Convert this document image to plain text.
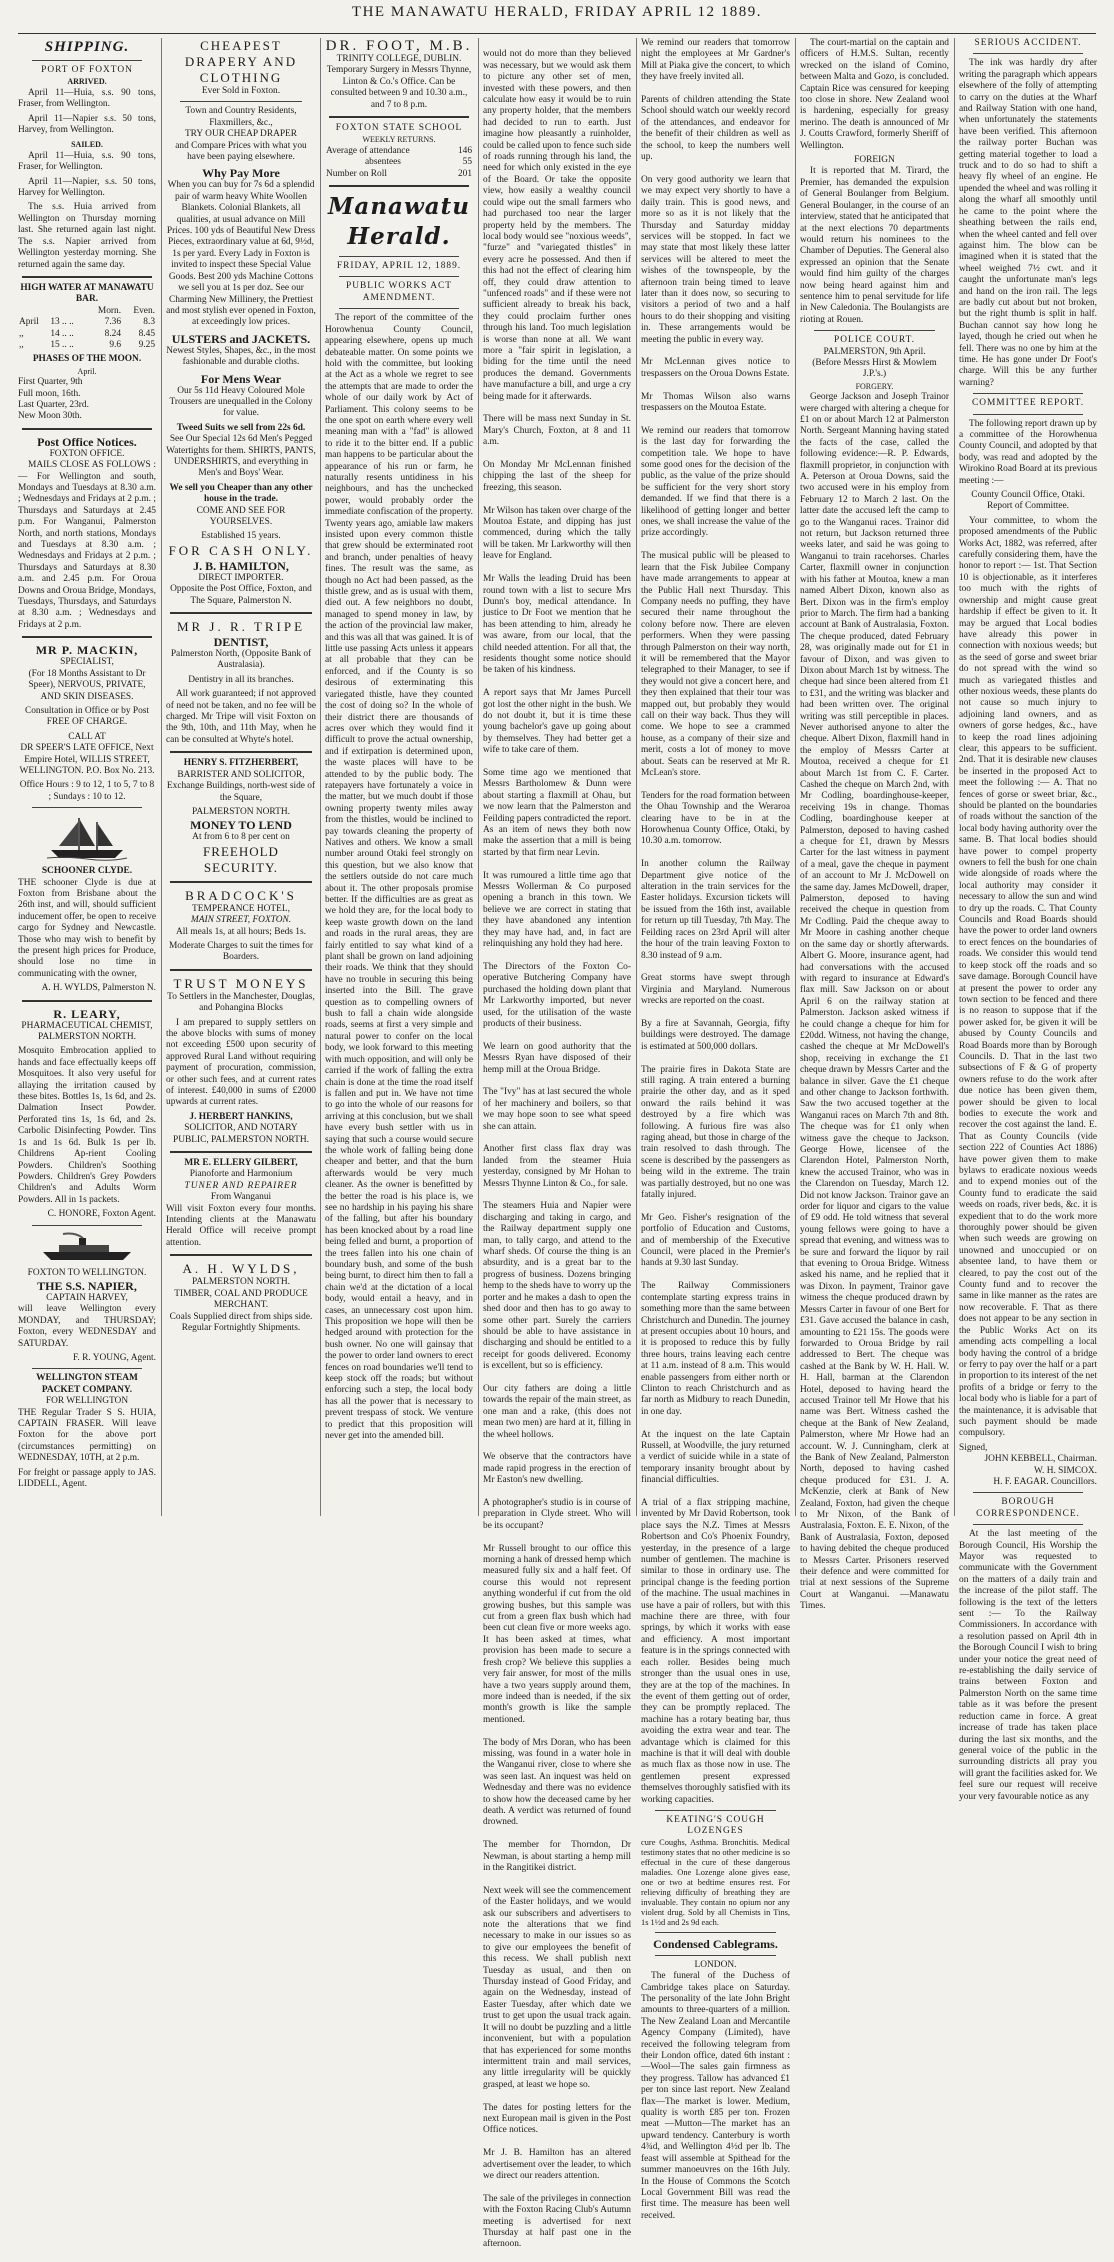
THE MANAWATU HERALD, FRIDAY APRIL 12 1889.
SHIPPING.
PORT OF FOXTON
ARRIVED.
April 11—Huia, s.s. 90 tons, Fraser, from Wellington.
April 11—Napier s.s. 50 tons, Harvey, from Wellington.
SAILED.
April 11—Huia, s.s. 90 tons, Fraser, for Wellington.
April 11—Napier, s.s. 50 tons, Harvey for Wellington.
The s.s. Huia arrived from Wellington on Thursday morning last. She returned again last night. The s.s. Napier arrived from Wellington yesterday morning. She returned again the same day.
HIGH WATER AT MANAWATU BAR.
		Morn.	Even.
April	13 .. ..	7.36	8.3
,,	14 .. ..	8.24	8.45
,,	15 .. ..	9.6	9.25
PHASES OF THE MOON.
April.
First Quarter, 9th
Full moon, 16th.
Last Quarter, 23rd.
New Moon 30th.
Post Office Notices.
FOXTON OFFICE.
MAILS CLOSE AS FOLLOWS :— For Wellington and south, Mondays and Tuesdays at 8.30 a.m. ; Wednesdays and Fridays at 2 p.m. ; Thursdays and Saturdays at 2.45 p.m. For Wanganui, Palmerston North, and north stations, Mondays and Tuesdays at 8.30 a.m. ; Wednesdays and Fridays at 2 p.m. ; Thursdays and Saturdays at 8.30 a.m. and 2.45 p.m. For Oroua Downs and Oroua Bridge, Mondays, Tuesdays, Thursdays, and Saturdays at 8.30 a.m. ; Wednesdays and Fridays at 2 p.m.
MR P. MACKIN,
SPECIALIST,
(For 18 Months Assistant to Dr Speer), NERVOUS, PRIVATE, AND SKIN DISEASES.
Consultation in Office or by Post FREE OF CHARGE.
CALL AT
DR SPEER'S LATE OFFICE, Next Empire Hotel, WILLIS STREET, WELLINGTON. P.O. Box No. 213.
Office Hours : 9 to 12, 1 to 5, 7 to 8 ; Sundays : 10 to 12.
SCHOONER CLYDE.
THE schooner Clyde is due at Foxton from Brisbane about the 26th inst, and will, should sufficient inducement offer, be open to receive cargo for Sydney and Newcastle. Those who may wish to benefit by the present high prices for Produce, should lose no time in communicating with the owner,
A. H. WYLDS, Palmerston N.
R. LEARY,
PHARMACEUTICAL CHEMIST, PALMERSTON NORTH.
Mosquito Embrocation applied to hands and face effectually keeps off Mosquitoes. It also very useful for allaying the irritation caused by these bites. Bottles 1s, 1s 6d, and 2s. Dalmation Insect Powder. Perforated tins 1s, 1s 6d, and 2s. Carbolic Disinfecting Powder. Tins 1s and 1s 6d. Bulk 1s per lb. Childrens Ap-rient Cooling Powders. Children's Soothing Powders. Children's Grey Powders Children's and Adults Worm Powders. All in 1s packets.
C. HONORE, Foxton Agent.
FOXTON TO WELLINGTON.
THE S.S. NAPIER,
CAPTAIN HARVEY,
will leave Wellington every MONDAY, and THURSDAY; Foxton, every WEDNESDAY and SATURDAY.
F. R. YOUNG, Agent.
WELLINGTON STEAM PACKET COMPANY.
FOR WELLINGTON
THE Regular Trader S S. HUIA, CAPTAIN FRASER. Will leave Foxton for the above port (circumstances permitting) on WEDNESDAY, 10TH, at 2 p.m.
For freight or passage apply to JAS. LIDDELL, Agent.
CHEAPEST DRAPERY AND CLOTHING
Ever Sold in Foxton.
Town and Country Residents, Flaxmillers, &c.,
TRY OUR CHEAP DRAPER
and Compare Prices with what you have been paying elsewhere.
Why Pay More
When you can buy for 7s 6d a splendid pair of warm heavy White Woollen Blankets. Colonial Blankets, all qualities, at usual advance on Mill Prices. 100 yds of Beautiful New Dress Pieces, extraordinary value at 6d, 9½d, 1s per yard. Every Lady in Foxton is invited to inspect these Special Value Goods. Best 200 yds Machine Cottons we sell you at 1s per doz. See our Charming New Millinery, the Prettiest and most stylish ever opened in Foxton, at exceedingly low prices.
ULSTERS and JACKETS.
Newest Styles, Shapes, &c., in the most fashionable and durable cloths.
For Mens Wear
Our 5s 11d Heavy Coloured Mole Trousers are unequalled in the Colony for value.
Tweed Suits we sell from 22s 6d.
See Our Special 12s 6d Men's Pegged Watertights for them. SHIRTS, PANTS, UNDERSHIRTS, and everything in Men's and Boys' Wear.
We sell you Cheaper than any other house in the trade.
COME AND SEE FOR YOURSELVES.
Established 15 years.
FOR CASH ONLY.
J. B. HAMILTON,
DIRECT IMPORTER.
Opposite the Post Office, Foxton, and The Square, Palmerston N.
MR J. R. TRIPE
DENTIST,
Palmerston North, (Opposite Bank of Australasia).
Dentistry in all its branches.
All work guaranteed; if not approved of need not be taken, and no fee will be charged. Mr Tripe will visit Foxton on the 9th, 10th, and 11th May, when he can be consulted at Whyte's hotel.
HENRY S. FITZHERBERT,
BARRISTER AND SOLICITOR,
Exchange Buildings, north-west side of the Square,
PALMERSTON NORTH.
MONEY TO LEND
At from 6 to 8 per cent on
FREEHOLD SECURITY.
BRADCOCK'S
TEMPERANCE HOTEL,
MAIN STREET, FOXTON.
All meals 1s, at all hours; Beds 1s.
Moderate Charges to suit the times for Boarders.
TRUST MONEYS
To Settlers in the Manchester, Douglas, and Pohangina Blocks
I am prepared to supply settlers on the above blocks with sums of money not exceeding £500 upon security of approved Rural Land without requiring payment of procuration, commission, or other such fees, and at current rates of interest. £40,000 in sums of £2000 upwards at current rates.
J. HERBERT HANKINS,
SOLICITOR, AND NOTARY PUBLIC, PALMERSTON NORTH.
MR E. ELLERY GILBERT,
Pianoforte and Harmonium
TUNER AND REPAIRER
From Wanganui
Will visit Foxton every four months. Intending clients at the Manawatu Herald Office will receive prompt attention.
A. H. WYLDS,
PALMERSTON NORTH.
TIMBER, COAL AND PRODUCE MERCHANT.
Coals Supplied direct from ships side. Regular Fortnightly Shipments.
DR. FOOT, M.B.
TRINITY COLLEGE, DUBLIN.
Temporary Surgery in Messrs Thynne, Linton & Co.'s Office. Can be consulted between 9 and 10.30 a.m., and 7 to 8 p.m.
FOXTON STATE SCHOOL
WEEKLY RETURNS.
Average of attendance	146
absentees	55
Number on Roll	201
Manawatu Herald.
FRIDAY, APRIL 12, 1889.
PUBLIC WORKS ACT AMENDMENT.
The report of the committee of the Horowhenua County Council, appearing elsewhere, opens up much debateable matter. On some points we hold with the committee, but looking at the Act as a whole we regret to see the attempts that are made to order the whole of our daily work by Act of Parliament. This colony seems to be the one spot on earth where every well meaning man with a "fad" is allowed to ride it to the bitter end. If a public man happens to be particular about the appearance of his run or farm, he naturally resents untidiness in his neighbours, and has the unchecked power, would probably order the immediate confiscation of the property. Twenty years ago, amiable law makers insisted upon every common thistle that grew should be exterminated root and branch, under penalties of heavy fines. The result was the same, as though no Act had been passed, as the thistle grew, and as is usual with them, died out. A few neighbors no doubt, managed to spend money in law, by the action of the provincial law maker, and this was all that was gained. It is of little use passing Acts unless it appears at all probable that they can be enforced, and if the County is so desirous of exterminating this variegated thistle, have they counted the cost of doing so? In the whole of their district there are thousands of acres over which they would find it difficult to prove the actual ownership, and if extirpation is determined upon, the waste places will have to be attended to by the public body. The ratepayers have fortunately a voice in the matter, but we much doubt if those owning property twenty miles away from the thistles, would be inclined to pay towards cleaning the property of Natives and others. We know a small number around Otaki feel strongly on this question, but we also know that the settlers outside do not care much about it. The other proposals promise better. If the difficulties are as great as we hold they are, for the local body to keep waste growth down on the land and roads in the rural areas, they are fairly entitled to say what kind of a plant shall be grown on land adjoining their roads. We think that they should have no trouble in securing this being inserted into the Bill. The grave question as to compelling owners of bush to fall a chain wide alongside roads, seems at first a very simple and natural power to confer on the local body, we look forward to this meeting with much opposition, and will only be carried if the work of falling the extra chain is done at the time the road itself is fallen and put in. We have not time to go into the whole of our reasons for arriving at this conclusion, but we shall have every bush settler with us in saying that such a course would secure the whole work of falling being done cheaper and better, and that the burn afterwards would be very much cleaner. As the owner is benefitted by the better the road is his place is, we see no hardship in his paying his share of the falling, but after his boundary has been knocked about by a road line being felled and burnt, a proportion of the trees fallen into his one chain of boundary bush, and some of the bush being burnt, to direct him then to fall a chain we'd at the dictation of a local body, would entail a heavy, and in cases, an unnecessary cost upon him. This proposition we hope will then be hedged around with protection for the bush owner. No one will gainsay that the power to order land owners to erect fences on road boundaries we'll tend to keep stock off the roads; but without enforcing such a step, the local body has all the power that is necessary to prevent trespass of stock. We venture to predict that this proposition will never get into the amended bill.

would not do more than they believed was necessary, but we would ask them to picture any other set of men, invested with these powers, and then calculate how easy it would be to ruin any property holder, that the members had decided to run to earth. Just imagine how pleasantly a ruinholder, could be called upon to fence such side of roads running through his land, the need for which only existed in the eye of the Board. Or take the opposite view, how easily a wealthy council could wipe out the small farmers who had purchased too near the larger property held by the members. The local body would see "noxious weeds", "furze" and "variegated thistles" in every acre he possessed. And then if this had not the effect of clearing him off, they could draw attention to "unfenced roads" and if these were not sufficient already to break his back, they could proclaim further ones through his land. Too much legislation is worse than none at all. We want more a "fair spirit in legislation, a biding for the time until the need produces the demand. Governments have manufacture a bill, and urge a cry being made for it afterwards.

There will be mass next Sunday in St. Mary's Church, Foxton, at 8 and 11 a.m.

On Monday Mr McLennan finished chipping the last of the sheep for freezing, this season.

Mr Wilson has taken over charge of the Moutoa Estate, and dipping has just commenced, during which the tally will be taken. Mr Larkworthy will then leave for England.

Mr Walls the leading Druid has been round town with a list to secure Mrs Dunn's boy, medical attendance. In justice to Dr Foot we mention that he has been attending to him, already he was aware, from our local, that the child needed attention. For all that, the residents thought some notice should be taken of his kindness.

A report says that Mr James Purcell got lost the other night in the bush. We do not doubt it, but it is time these young bachelor's gave up going about by themselves. They had better get a wife to take care of them.

Some time ago we mentioned that Messrs Bartholomew & Dunn were about starting a flaxmill at Ohau, but we now learn that the Palmerston and Feilding papers contradicted the report. As an item of news they both now make the assertion that a mill is being started by that firm near Levin.

It was rumoured a little time ago that Messrs Wollerman & Co purposed opening a branch in this town. We believe we are correct in stating that they have abandoned any intention they may have had, and, in fact are relinquishing any hold they had here.

The Directors of the Foxton Co-operative Butchering Company have purchased the holding down plant that Mr Larkworthy imported, but never used, for the utilisation of the waste products of their business.

We learn on good authority that the Messrs Ryan have disposed of their hemp mill at the Oroua Bridge.

The "Ivy" has at last secured the whole of her machinery and boilers, so that we may hope soon to see what speed she can attain.

Another first class flax dray was landed from the steamer Huia yesterday, consigned by Mr Hohan to Messrs Thynne Linton & Co., for sale.

The steamers Huia and Napier were discharging and taking in cargo, and the Railway department supply one man, to tally cargo, and attend to the wharf sheds. Of course the thing is an absurdity, and is a great bar to the progress of business. Dozens bringing hemp to the sheds have to worry up the porter and he makes a dash to open the shed door and then has to go away to some other part. Surely the carriers should be able to have assistance in discharging and should be entitled to a receipt for goods delivered. Economy is excellent, but so is efficiency.

Our city fathers are doing a little towards the repair of the main street, as one man and a rake, (this does not mean two men) are hard at it, filling in the wheel hollows.

We observe that the contractors have made rapid progress in the erection of Mr Easton's new dwelling.

A photographer's studio is in course of preparation in Clyde street. Who will be its occupant?

Mr Russell brought to our office this morning a hank of dressed hemp which measured fully six and a half feet. Of course this would not represent anything wonderful if cut from the old growing bushes, but this sample was cut from a green flax bush which had been cut clean five or more weeks ago. It has been asked at times, what provision has been made to secure a fresh crop? We believe this supplies a very fair answer, for most of the mills have a two years supply around them, more indeed than is needed, if the six month's growth is like the sample mentioned.

The body of Mrs Doran, who has been missing, was found in a water hole in the Wanganui river, close to where she was seen last. An inquest was held on Wednesday and there was no evidence to show how the deceased came by her death. A verdict was returned of found drowned.

The member for Thorndon, Dr Newman, is about starting a hemp mill in the Rangitikei district.

Next week will see the commencement of the Easter holidays, and we would ask our subscribers and advertisers to note the alterations that we find necessary to make in our issues so as to give our employees the benefit of this recess. We shall publish next Tuesday as usual, and then on Thursday instead of Good Friday, and again on the Wednesday, instead of Easter Tuesday, after which date we trust to get upon the usual track again. It will no doubt be puzzling and a little inconvenient, but with a population that has experienced for some months intermittent train and mail services, any little irregularity will be quickly grasped, at least we hope so.

The dates for posting letters for the next European mail is given in the Post Office notices.

Mr J. B. Hamilton has an altered advertisement over the leader, to which we direct our readers attention.

The sale of the privileges in connection with the Foxton Racing Club's Autumn meeting is advertised for next Thursday at half past one in the afternoon.

We remind our readers that tomorrow night the employees at Mr Gardner's Mill at Piaka give the concert, to which they have freely invited all.

Parents of children attending the State School should watch our weekly record of the attendances, and endeavor for the benefit of their children as well as the school, to keep the numbers well up.

On very good authority we learn that we may expect very shortly to have a daily train. This is good news, and more so as it is not likely that the Thursday and Saturday midday services will be stopped. In fact we may state that most likely these latter services will be altered to meet the wishes of the townspeople, by the afternoon train being timed to leave later than it does now, so securing to visitors a period of two and a half hours to do their shopping and visiting in. These arrangements would be meeting the public in every way.

Mr McLennan gives notice to trespassers on the Oroua Downs Estate.

Mr Thomas Wilson also warns trespassers on the Moutoa Estate.

We remind our readers that tomorrow is the last day for forwarding the competition tale. We hope to have some good ones for the decision of the public, as the value of the prize should be sufficient for the very short story demanded. If we find that there is a likelihood of getting longer and better ones, we shall increase the value of the prize accordingly.

The musical public will be pleased to learn that the Fisk Jubilee Company have made arrangements to appear at the Public Hall next Thursday. This Company needs no puffing, they have secured their name throughout the colony before now. There are eleven performers. When they were passing through Palmerston on their way north, it will be remembered that the Mayor telegraphed to their Manager, to see if they would not give a concert here, and they then explained that their tour was mapped out, but probably they would call on their way back. Thus they will come. We hope to see a crammed house, as a company of their size and merit, costs a lot of money to move about. Seats can be reserved at Mr R. McLean's store.

Tenders for the road formation between the Ohau Township and the Weraroa clearing have to be in at the Horowhenua County Office, Otaki, by 10.30 a.m. tomorrow.

In another column the Railway Department give notice of the alteration in the train services for the Easter holidays. Excursion tickets will be issued from the 16th inst, available for return up till Tuesday, 7th May. The Feilding races on 23rd April will alter the hour of the train leaving Foxton to 8.30 instead of 9 a.m.

Great storms have swept through Virginia and Maryland. Numerous wrecks are reported on the coast.

By a fire at Savannah, Georgia, fifty buildings were destroyed. The damage is estimated at 500,000 dollars.

The prairie fires in Dakota State are still raging. A train entered a burning prairie the other day, and as it sped onward the rails behind it was destroyed by a fire which was following. A furious fire was also raging ahead, but those in charge of the train resolved to dash through. The scene is described by the passengers as being wild in the extreme. The train was partially destroyed, but no one was fatally injured.

Mr Geo. Fisher's resignation of the portfolio of Education and Customs, and of membership of the Executive Council, were placed in the Premier's hands at 9.30 last Sunday.

The Railway Commissioners contemplate starting express trains in something more than the same between Christchurch and Dunedin. The journey at present occupies about 10 hours, and it is proposed to reduce this by fully three hours, trains leaving each centre at 11 a.m. instead of 8 a.m. This would enable passengers from either north or Clinton to reach Christchurch and as far north as Midbury to reach Dunedin, in one day.

At the inquest on the late Captain Russell, at Woodville, the jury returned a verdict of suicide while in a state of temporary insanity brought about by financial difficulties.

A trial of a flax stripping machine, invented by Mr David Robertson, took place says the N.Z. Times at Messrs Robertson and Co's Phoenix Foundry, yesterday, in the presence of a large number of gentlemen. The machine is similar to those in ordinary use. The principal change is the feeding portion of the machine. The usual machines in use have a pair of rollers, but with this machine there are three, with four springs, by which it works with ease and efficiency. A most important feature is in the springs connected with each roller. Besides being much stronger than the usual ones in use, they are at the top of the machines. In the event of them getting out of order, they can be promptly replaced. The machine has a rotary beating bar, thus avoiding the extra wear and tear. The advantage which is claimed for this machine is that it will deal with double as much flax as those now in use. The gentlemen present expressed themselves thoroughly satisfied with its working capacities.
KEATING'S COUGH LOZENGES
cure Coughs, Asthma. Bronchitis. Medical testimony states that no other medicine is so effectual in the cure of these dangerous maladies. One Lozenge alone gives ease, one or two at bedtime ensures rest. For relieving difficulty of breathing they are invaluable. They contain no opium nor any violent drug. Sold by all Chemists in Tins, 1s 1½d and 2s 9d each.
Condensed Cablegrams.
LONDON.
The funeral of the Duchess of Cambridge takes place on Saturday. The personality of the late John Bright amounts to three-quarters of a million. The New Zealand Loan and Mercantile Agency Company (Limited), have received the following telegram from their London office, dated 6th instant :—Wool—The sales gain firmness as they progress. Tallow has advanced £1 per ton since last report. New Zealand flax—The market is lower. Medium, quality is worth £85 per ton. Frozen meat —Mutton—The market has an upward tendency. Canterbury is worth 4¾d, and Wellington 4½d per lb. The feast will assemble at Spithead for the summer manoeuvres on the 16th July. In the House of Commons the Scotch Local Government Bill was read the first time. The measure has been well received.
The court-martial on the captain and officers of H.M.S. Sultan, recently wrecked on the island of Comino, between Malta and Gozo, is concluded. Captain Rice was censured for keeping too close in shore. New Zealand wool is hardening, especially for greasy merino. The death is announced of Mr J. Coutts Crawford, formerly Sheriff of Wellington.
FOREIGN
It is reported that M. Tirard, the Premier, has demanded the expulsion of General Boulanger from Belgium. General Boulanger, in the course of an interview, stated that he anticipated that at the next elections 70 departments would return his nominees to the Chamber of Deputies. The General also expressed an opinion that the Senate would find him guilty of the charges now being heard against him and sentence him to penal servitude for life in New Caledonia. The Boulangists are rioting at Rouen.
POLICE COURT.
PALMERSTON, 9th April.
(Before Messrs Hirst & Mowlem J.P.'s.)
FORGERY.
George Jackson and Joseph Trainor were charged with altering a cheque for £1 on or about March 12 at Palmerston North. Sergeant Manning having stated the facts of the case, called the following evidence:—R. P. Edwards, flaxmill proprietor, in conjunction with A. Peterson at Oroua Downs, said the two accused were in his employ from February 12 to March 2 last. On the latter date the accused left the camp to go to the Wanganui races. Trainor did not return, but Jackson returned three weeks later, and said he was going to Wanganui to train racehorses. Charles Carter, flaxmill owner in conjunction with his father at Moutoa, knew a man named Albert Dixon, known also as Bert. Dixon was in the firm's employ prior to March. The firm had a banking account at Bank of Australasia, Foxton. The cheque produced, dated February 28, was originally made out for £1 in favour of Dixon, and was given to Dixon about March 1st by witness. The cheque had since been altered from £1 to £31, and the writing was blacker and had been written over. The original writing was still perceptible in places. Never authorised anyone to alter the cheque. Albert Dixon, flaxmill hand in the employ of Messrs Carter at Moutoa, received a cheque for £1 about March 1st from C. F. Carter. Cashed the cheque on March 2nd, with Mr Codling, boardinghouse-keeper, receiving 19s in change. Thomas Codling, boardinghouse keeper at Palmerston, deposed to having cashed a cheque for £1, drawn by Messrs Carter for the last witness in payment of a meal, gave the cheque in payment of an account to Mr J. McDowell on the same day. James McDowell, draper, Palmerston, deposed to having received the cheque in question from Mr Codling. Paid the cheque away to Mr Moore in cashing another cheque on the same day or shortly afterwards. Albert G. Moore, insurance agent, had had conversations with the accused with regard to insurance at Edward's flax mill. Saw Jackson on or about April 6 on the railway station at Palmerston. Jackson asked witness if he could change a cheque for him for £20dd. Witness, not having the change, cashed the cheque at Mr McDowell's shop, receiving in exchange the £1 cheque drawn by Messrs Carter and the balance in silver. Gave the £1 cheque and other change to Jackson forthwith. Saw the two accused together at the Wanganui races on March 7th and 8th. The cheque was for £1 only when witness gave the cheque to Jackson. George Howe, licensee of the Clarendon Hotel, Palmerston North, knew the accused Trainor, who was in the Clarendon on Tuesday, March 12. Did not know Jackson. Trainor gave an order for liquor and cigars to the value of £9 odd. He told witness that several young fellows were going to have a spread that evening, and witness was to be sure and forward the liquor by rail that evening to Oroua Bridge. Witness asked his name, and he replied that it was Dixon. In payment, Trainor gave witness the cheque produced drawn by Messrs Carter in favour of one Bert for £31. Gave accused the balance in cash, amounting to £21 15s. The goods were forwarded to Oroua Bridge by rail addressed to Bert. The cheque was cashed at the Bank by W. H. Hall. W. H. Hall, barman at the Clarendon Hotel, deposed to having heard the accused Trainor tell Mr Howe that his name was Bert. Witness cashed the cheque at the Bank of New Zealand, Palmerston, where Mr Howe had an account. W. J. Cunningham, clerk at the Bank of New Zealand, Palmerston North, deposed to having cashed cheque produced for £31. J. A. McKenzie, clerk at Bank of New Zealand, Foxton, had given the cheque to Mr Nixon, of the Bank of Australasia, Foxton. E. E. Nixon, of the Bank of Australasia, Foxton, deposed to having debited the cheque produced to Messrs Carter. Prisoners reserved their defence and were committed for trial at next sessions of the Supreme Court at Wanganui. —Manawatu Times.
SERIOUS ACCIDENT.
The ink was hardly dry after writing the paragraph which appears elsewhere of the folly of attempting to carry on the duties at the Wharf and Railway Station with one hand, when unfortunately the statements have been verified. This afternoon the railway porter Buchan was getting material together to load a truck and to do so had to shift a heavy fly wheel of an engine. He upended the wheel and was rolling it along the wharf all smoothly until he came to the point where the sheathing between the rails end, when the wheel canted and fell over against him. The blow can be imagined when it is stated that the wheel weighed 7½ cwt. and it caught the unfortunate man's legs and hand on the iron rail. The legs are badly cut about but not broken, but the right thumb is split in half. Buchan cannot say how long he layed, though he cried out when he fell. There was no one by him at the time. He has gone under Dr Foot's charge. Will this be any further warning?
COMMITTEE REPORT.
The following report drawn up by a committee of the Horowhenua County Council, and adopted by that body, was read and adopted by the Wirokino Road Board at its previous meeting :—
County Council Office, Otaki. Report of Committee.
Your committee, to whom the proposed amendments of the Public Works Act, 1882, was referred, after carefully considering them, have the honor to report :— 1st. That Section 10 is objectionable, as it interferes too much with the rights of ownership and might cause great hardship if effect be given to it. It may be argued that Local bodies have already this power in connection with noxious weeds; but as the seed of gorse and sweet briar do not spread with the wind so much as variegated thistles and other noxious weeds, these plants do not cause so much injury to adjoining land owners, and as owners of gorse hedges, &c., have to keep the road lines adjoining clear, this appears to be sufficient. 2nd. That it is desirable new clauses be inserted in the proposed Act to meet the following :— A. That no fences of gorse or sweet briar, &c., should be planted on the boundaries of roads without the sanction of the local body having authority over the same. B. That local bodies should have power to compel property owners to fell the bush for one chain wide alongside of roads where the local authority may consider it necessary to allow the sun and wind to dry up the roads. C. That County Councils and Road Boards should have the power to order land owners to erect fences on the boundaries of roads. We consider this would tend to keep stock off the roads and so save damage. Borough Council have at present the power to order any town section to be fenced and there is no reason to suppose that if the power asked for, be given it will be abused by County Councils and Road Boards more than by Borough Councils. D. That in the last two subsections of F & G of property owners refuse to do the work after due notice has been given them, power should be given to local bodies to execute the work and recover the cost against the land. E. That as County Councils (vide section 222 of Counties Act 1886) have power given them to make bylaws to eradicate noxious weeds and to expend monies out of the County fund to eradicate the said weeds on roads, river beds, &c. it is expedient that to do the work more thoroughly power should be given when such weeds are growing on unowned and unoccupied or on absentee land, to have them or cleared, to pay the cost out of the County fund and to recover the same in like manner as the rates are now recoverable. F. That as there does not appear to be any section in the Public Works Act on its amending acts compelling a local body having the control of a bridge or ferry to pay over the half or a part in proportion to its interest of the net profits of a bridge or ferry to the local body who is liable for a part of the maintenance, it is advisable that such payment should be made compulsory.
Signed,
JOHN KEBBELL, Chairman.
W. H. SIMCOX.
H. F. EAGAR. Councillors.
BOROUGH CORRESPONDENCE.
At the last meeting of the Borough Council, His Worship the Mayor was requested to communicate with the Government on the matters of a daily train and the increase of the pilot staff. The following is the text of the letters sent :— To the Railway Commissioners. In accordance with a resolution passed on April 4th in the Borough Council I wish to bring under your notice the great need of re-establishing the daily service of trains between Foxton and Palmerston North on the same time table as it was before the present reduction came in force. A great increase of trade has taken place during the last six months, and the general voice of the public in the surrounding districts all pray you will grant the facilities asked for. We feel sure our request will receive your very favourable notice as any
